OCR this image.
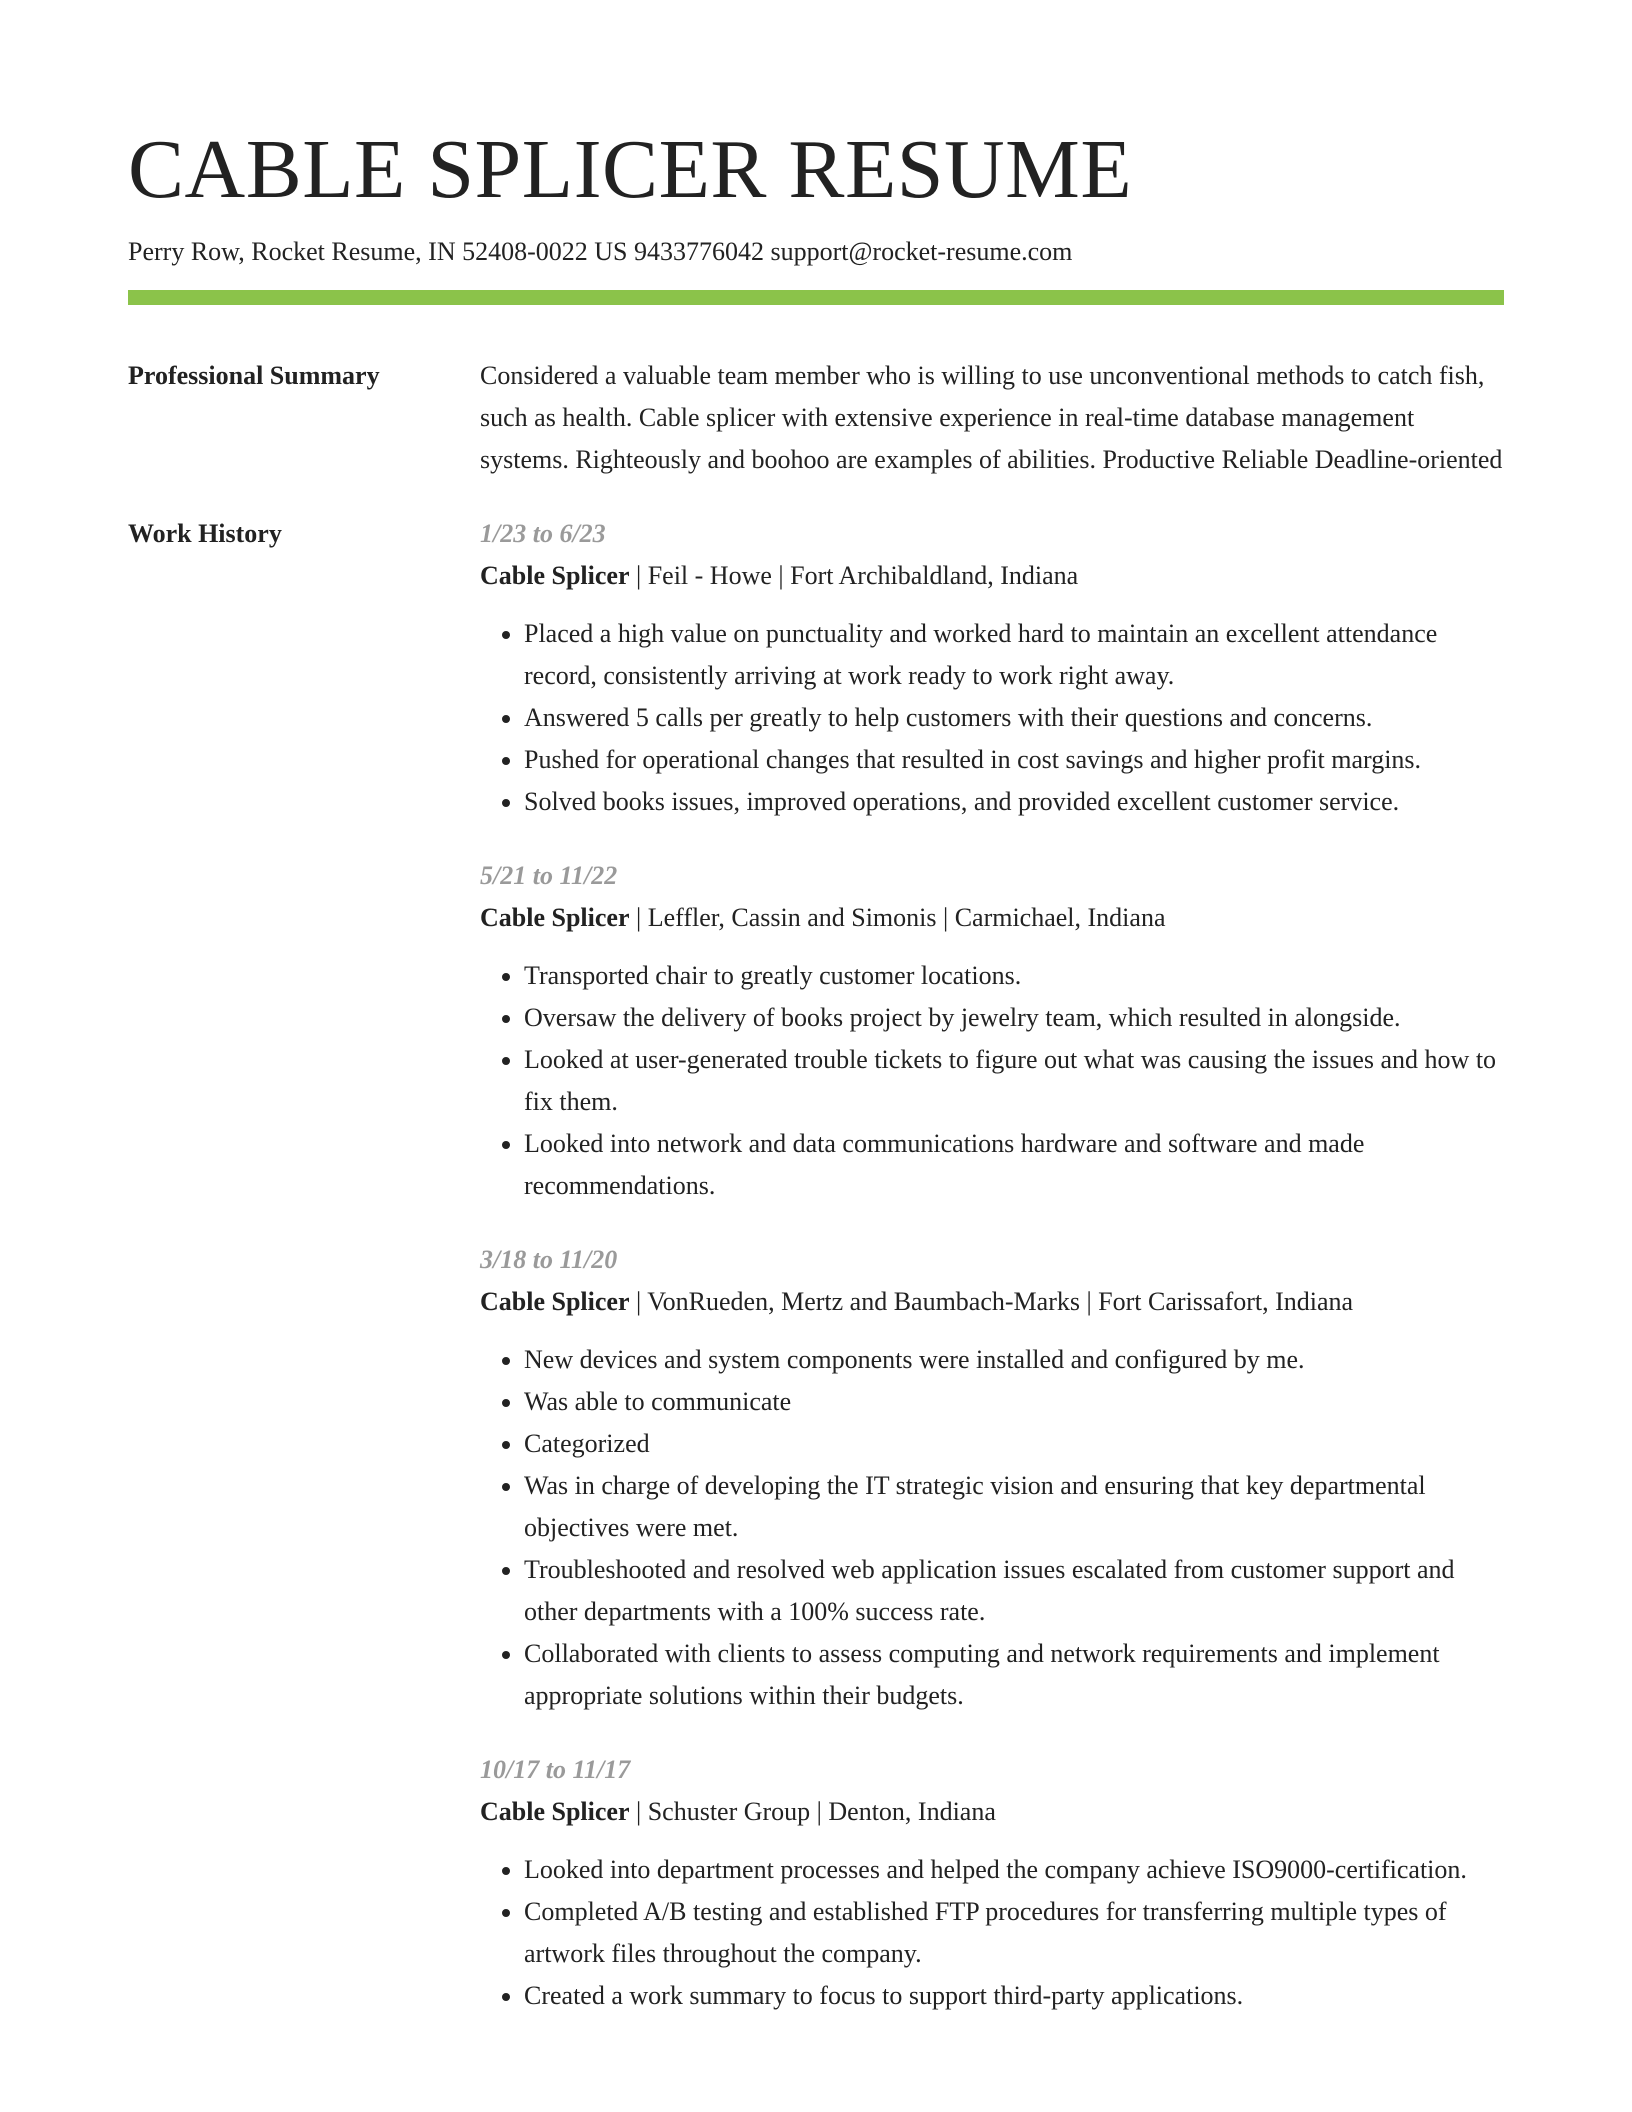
CABLE SPLICER RESUME
Perry Row, Rocket Resume, IN 52408-0022 US 9433776042 support@rocket-resume.com
Professional Summary	Considered a valuable team member who is willing to use unconventional methods to catch fish, such as health. Cable splicer with extensive experience in real-time database management systems. Righteously and boohoo are examples of abilities. Productive Reliable Deadline-oriented

Work History	1/23 to 6/23
Cable Splicer | Feil - Howe | Fort Archibaldland, Indiana
• Placed a high value on punctuality and worked hard to maintain an excellent attendance record, consistently arriving at work ready to work right away.
• Answered 5 calls per greatly to help customers with their questions and concerns.
• Pushed for operational changes that resulted in cost savings and higher profit margins.
• Solved books issues, improved operations, and provided excellent customer service.
5/21 to 11/22
Cable Splicer | Leffler, Cassin and Simonis | Carmichael, Indiana
• Transported chair to greatly customer locations.
• Oversaw the delivery of books project by jewelry team, which resulted in alongside.
• Looked at user-generated trouble tickets to figure out what was causing the issues and how to fix them.
• Looked into network and data communications hardware and software and made recommendations.
3/18 to 11/20
Cable Splicer | VonRueden, Mertz and Baumbach-Marks | Fort Carissafort, Indiana
• New devices and system components were installed and configured by me.
• Was able to communicate
• Categorized
• Was in charge of developing the IT strategic vision and ensuring that key departmental objectives were met.
• Troubleshooted and resolved web application issues escalated from customer support and other departments with a 100% success rate.
• Collaborated with clients to assess computing and network requirements and implement appropriate solutions within their budgets.
10/17 to 11/17
Cable Splicer | Schuster Group | Denton, Indiana
• Looked into department processes and helped the company achieve ISO9000-certification.
• Completed A/B testing and established FTP procedures for transferring multiple types of artwork files throughout the company.
• Created a work summary to focus to support third-party applications.
